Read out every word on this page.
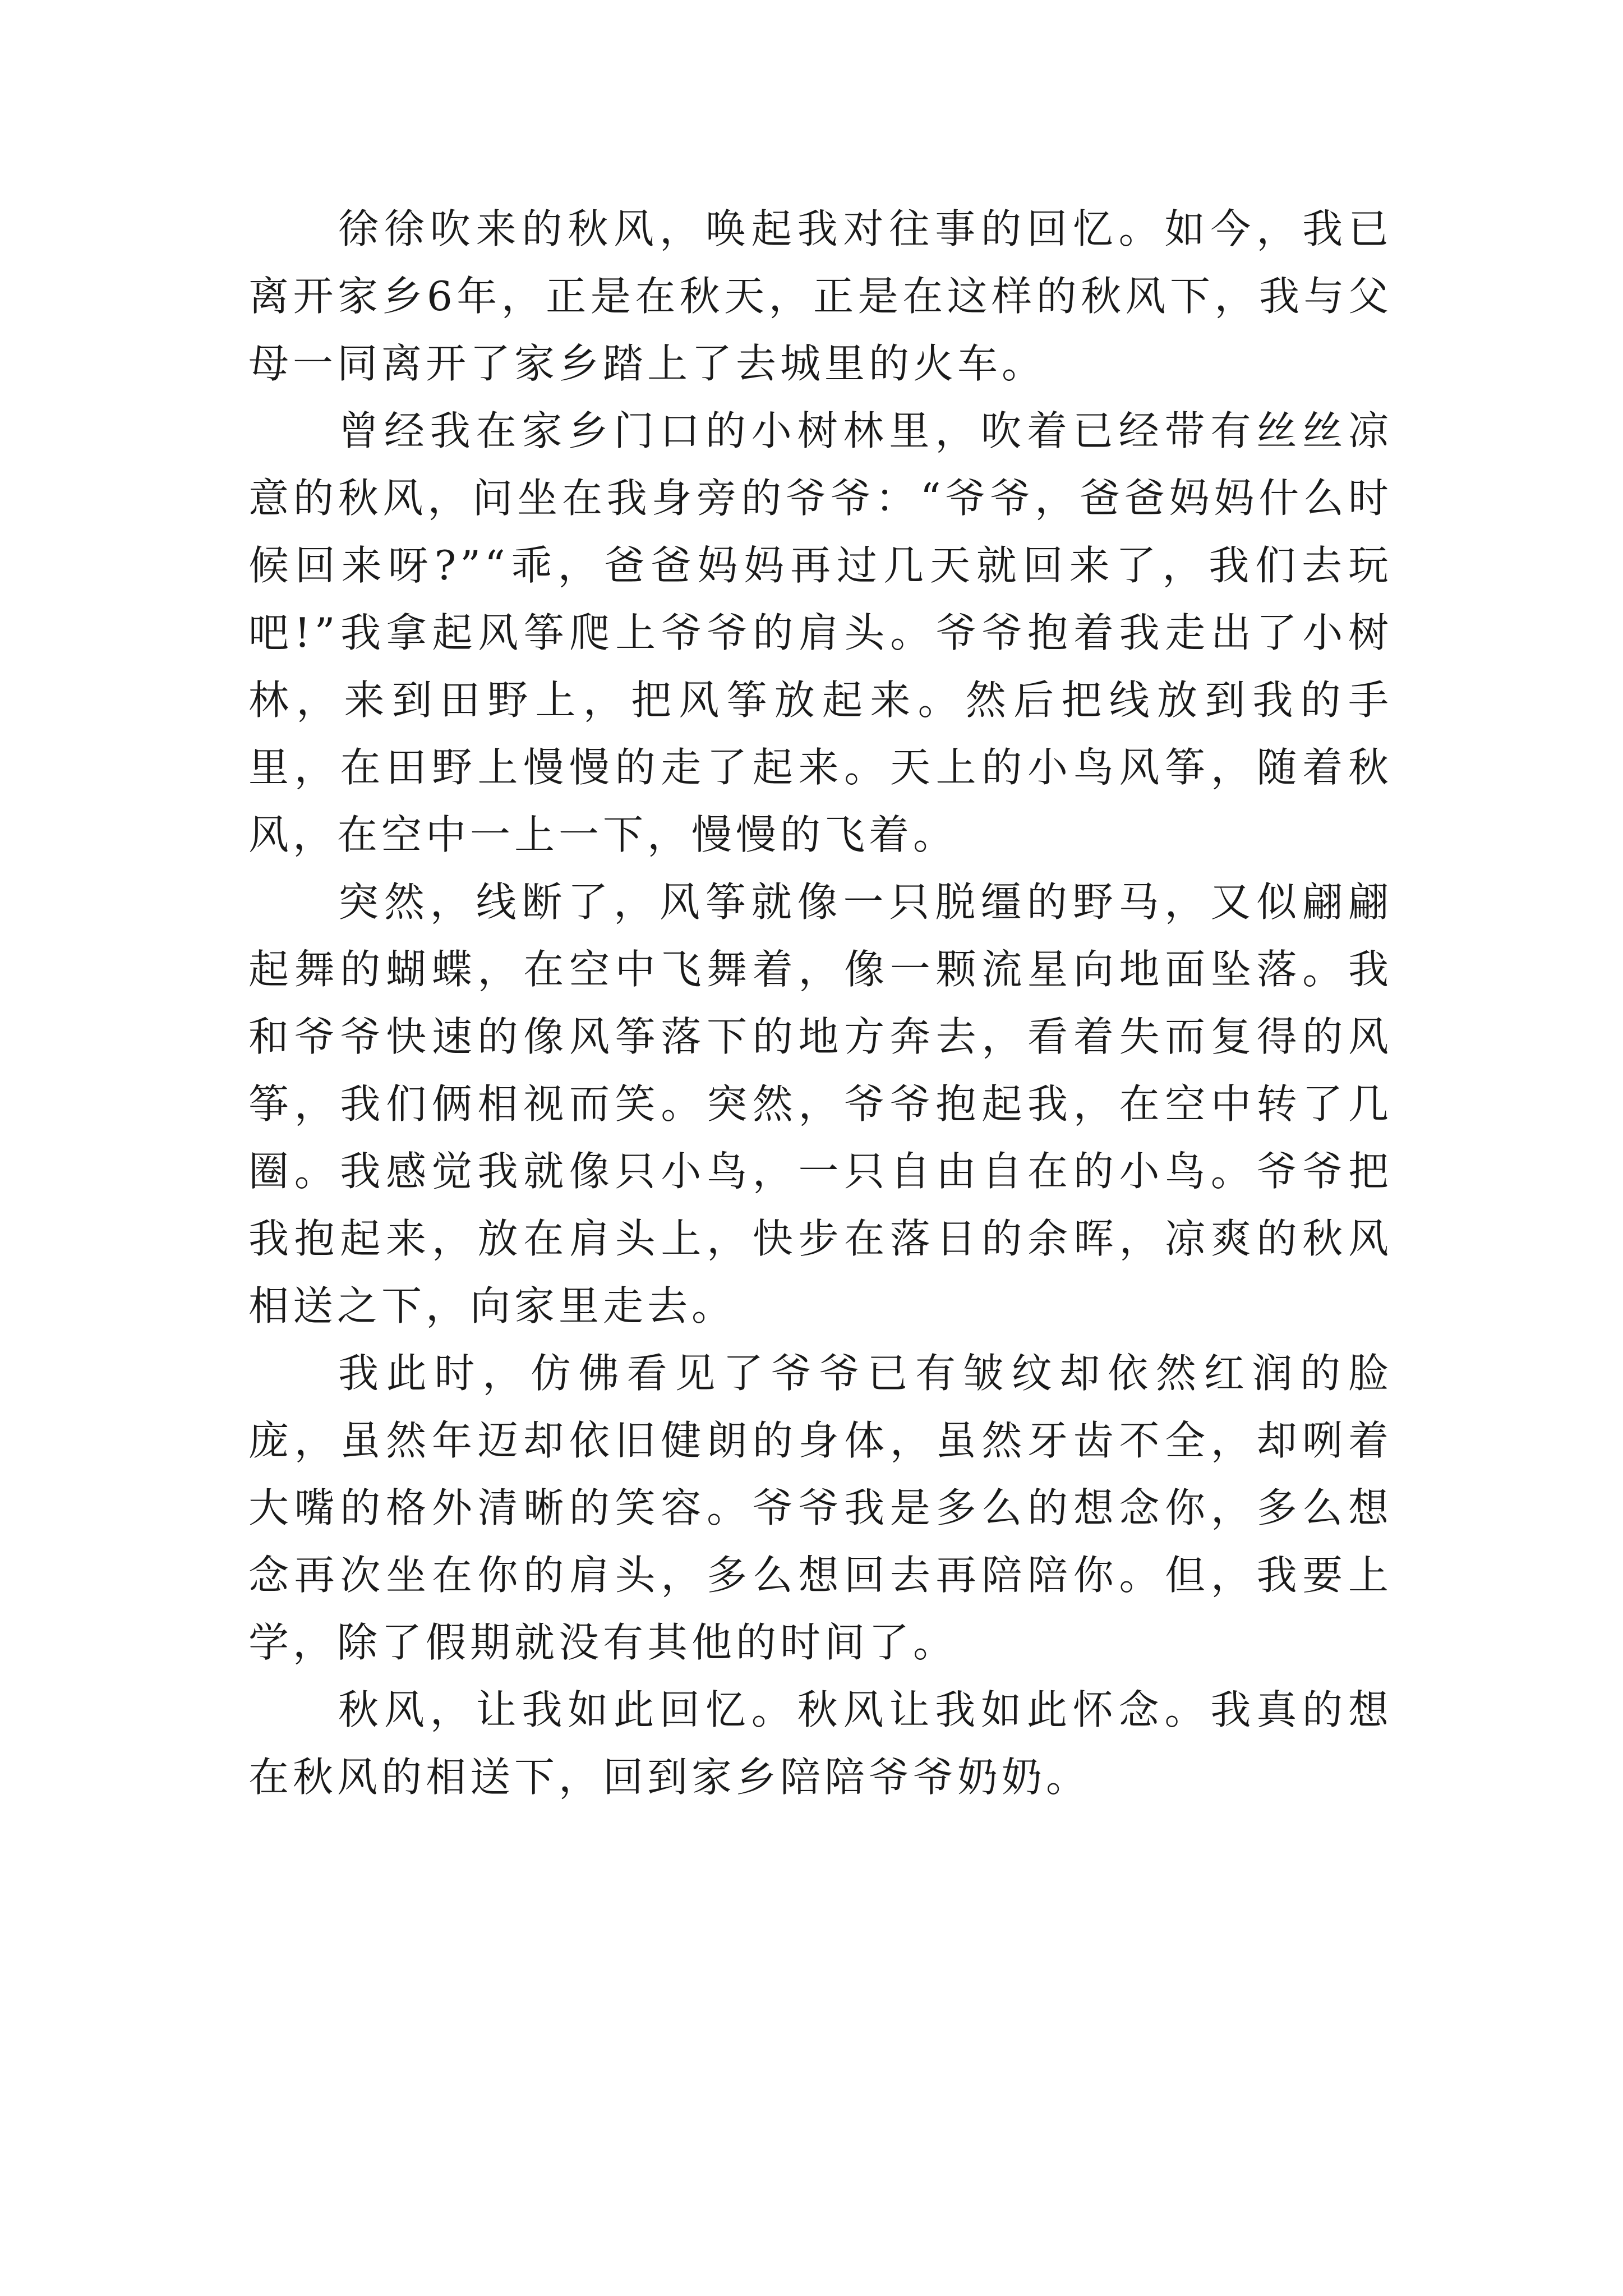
徐徐吹来的秋风，唤起我对往事的回忆。如今，我已离开家乡6年，正是在秋天，正是在这样的秋风下，我与父母一同离开了家乡踏上了去城里的火车。

曾经我在家乡门口的小树林里，吹着已经带有丝丝凉意的秋风，问坐在我身旁的爷爷：“爷爷，爸爸妈妈什么时候回来呀?”“乖，爸爸妈妈再过几天就回来了，我们去玩吧!”我拿起风筝爬上爷爷的肩头。爷爷抱着我走出了小树林，来到田野上，把风筝放起来。然后把线放到我的手里，在田野上慢慢的走了起来。天上的小鸟风筝，随着秋风，在空中一上一下，慢慢的飞着。

突然，线断了，风筝就像一只脱缰的野马，又似翩翩起舞的蝴蝶，在空中飞舞着，像一颗流星向地面坠落。我和爷爷快速的像风筝落下的地方奔去，看着失而复得的风筝，我们俩相视而笑。突然，爷爷抱起我，在空中转了几圈。我感觉我就像只小鸟，一只自由自在的小鸟。爷爷把我抱起来，放在肩头上，快步在落日的余晖，凉爽的秋风相送之下，向家里走去。

我此时，仿佛看见了爷爷已有皱纹却依然红润的脸庞，虽然年迈却依旧健朗的身体，虽然牙齿不全，却咧着大嘴的格外清晰的笑容。爷爷我是多么的想念你，多么想念再次坐在你的肩头，多么想回去再陪陪你。但，我要上学，除了假期就没有其他的时间了。

秋风，让我如此回忆。秋风让我如此怀念。我真的想在秋风的相送下，回到家乡陪陪爷爷奶奶。
